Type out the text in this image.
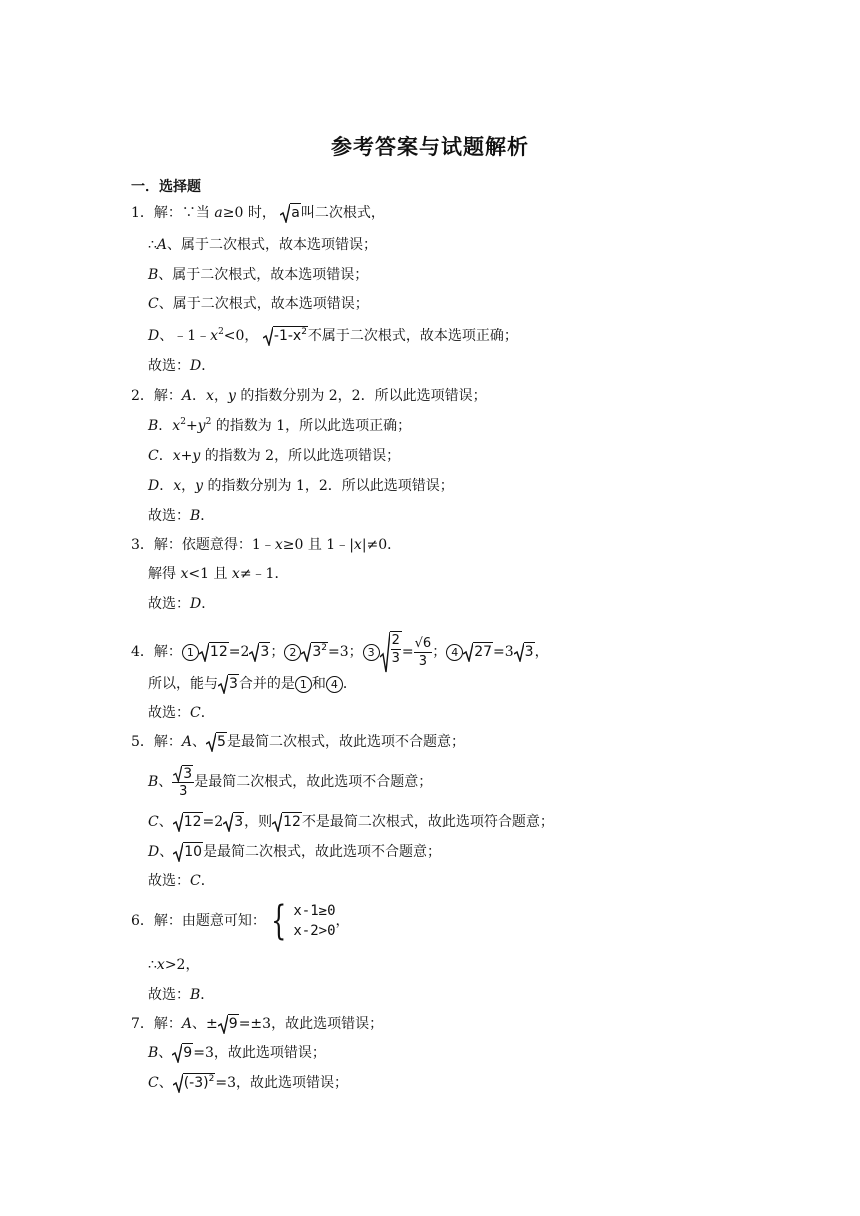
参考答案与试题解析
一．选择题
1．解：∵当 a≥0 时， a 叫二次根式，
∴A、属于二次根式，故本选项错误；
B、属于二次根式，故本选项错误；
C、属于二次根式，故本选项错误；
D、$﹣1﹣x^2<0$， $-1-x^2$ 不属于二次根式，故本选项正确；
故选：D．
2．解：A．x，y 的指数分别为 2，2．所以此选项错误；
B．$x^2+y^2$ 的指数为 1，所以此选项正确；
C．x+y 的指数为 2，所以此选项错误；
D．x，y 的指数分别为 1，2．所以此选项错误；
故选：B．
3．解：依题意得：1﹣x≥0 且 1﹣|x|≠0．
解得 x<1 且 x≠﹣1．
故选：D．
4．解： 1 12 =2 3 ； 2 $3^2 =3$； $3 \frac{2}{3} = \frac{√6}{3}$ ； 4 27 =3 3 ，
所以，能与 3 合并的是 1 和 4 ．
故选：C．
5．解：A、 5 是最简二次根式，故此选项不合题意；
B、 $\frac{3}{3}$ 是最简二次根式，故此选项不合题意；
C、 12 =2 3 ，则 12 不是最简二次根式，故此选项符合题意；
D、 10 是最简二次根式，故此选项不合题意；
故选：C．
6．解：由题意可知： { x-1≥0
x-2>0
，
∴x>2，
故选：B．
7．解：A、± 9 =±3，故此选项错误；
B、 9 =3，故此选项错误；
C、 $(-3)^2 =3$，故此选项错误；
